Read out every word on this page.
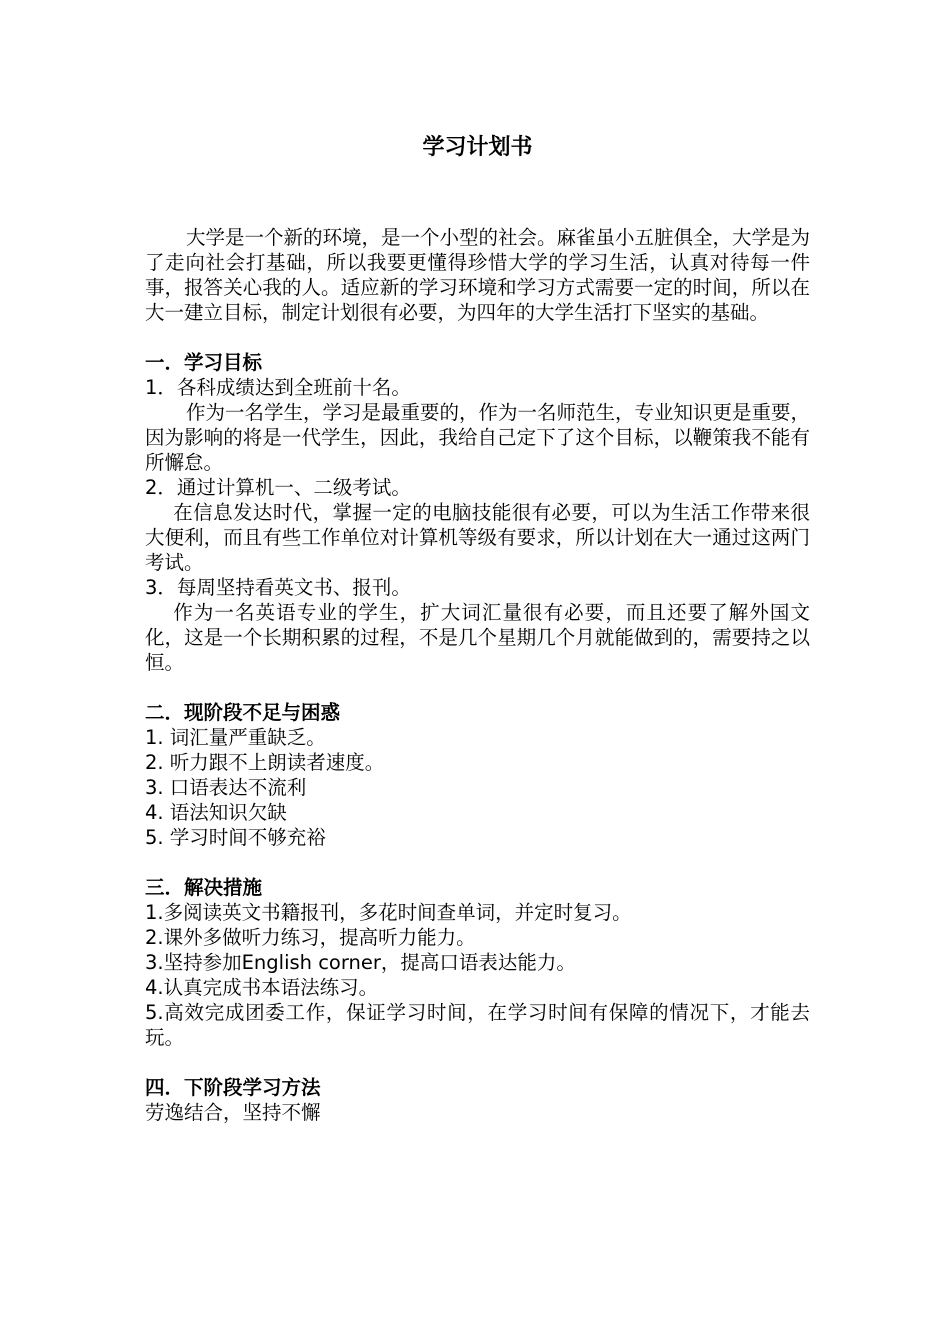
学习计划书

大学是一个新的环境，是一个小型的社会。麻雀虽小五脏俱全，大学是为了走向社会打基础，所以我要更懂得珍惜大学的学习生活，认真对待每一件事，报答关心我的人。适应新的学习环境和学习方式需要一定的时间，所以在大一建立目标，制定计划很有必要，为四年的大学生活打下坚实的基础。

一．学习目标

1．各科成绩达到全班前十名。

作为一名学生，学习是最重要的，作为一名师范生，专业知识更是重要，因为影响的将是一代学生，因此，我给自己定下了这个目标，以鞭策我不能有所懈怠。

2．通过计算机一、二级考试。

在信息发达时代，掌握一定的电脑技能很有必要，可以为生活工作带来很大便利，而且有些工作单位对计算机等级有要求，所以计划在大一通过这两门考试。

3．每周坚持看英文书、报刊。

作为一名英语专业的学生，扩大词汇量很有必要，而且还要了解外国文化，这是一个长期积累的过程，不是几个星期几个月就能做到的，需要持之以恒。

二．现阶段不足与困惑

1. 词汇量严重缺乏。

2. 听力跟不上朗读者速度。

3. 口语表达不流利

4. 语法知识欠缺

5. 学习时间不够充裕

三．解决措施

1.多阅读英文书籍报刊，多花时间查单词，并定时复习。

2.课外多做听力练习，提高听力能力。

3.坚持参加English corner，提高口语表达能力。

4.认真完成书本语法练习。

5.高效完成团委工作，保证学习时间，在学习时间有保障的情况下，才能去玩。

四．下阶段学习方法

劳逸结合，坚持不懈
